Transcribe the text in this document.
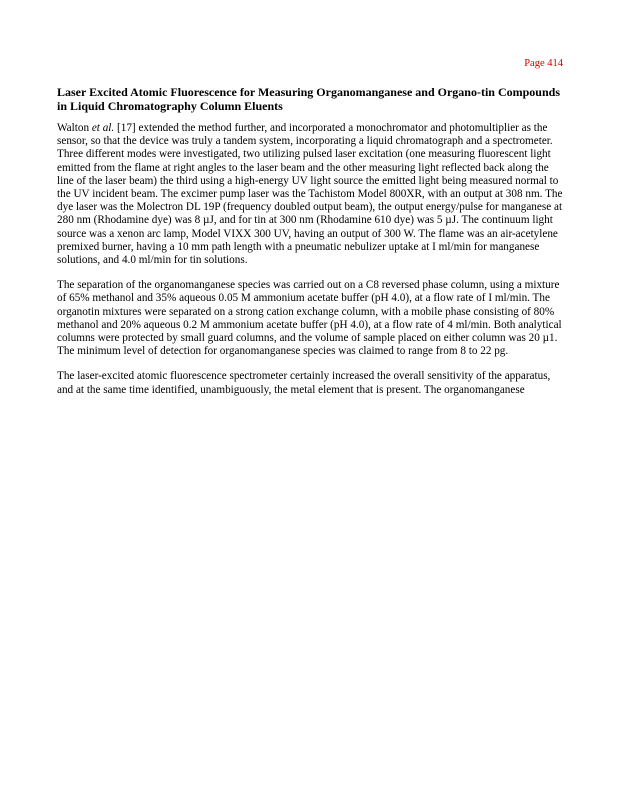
Page 414

Laser Excited Atomic Fluorescence for Measuring Organomanganese and Organo-tin Compounds in Liquid Chromatography Column Eluents

Walton et al. [17] extended the method further, and incorporated a monochromator and photomultiplier as the sensor, so that the device was truly a tandem system, incorporating a liquid chromatograph and a spectrometer. Three different modes were investigated, two utilizing pulsed laser excitation (one measuring fluorescent light emitted from the flame at right angles to the laser beam and the other measuring light reflected back along the line of the laser beam) the third using a high-energy UV light source the emitted light being measured normal to the UV incident beam. The excimer pump laser was the Tachistom Model 800XR, with an output at 308 nm. The dye laser was the Molectron DL 19P (frequency doubled output beam), the output energy/pulse for manganese at 280 nm (Rhodamine dye) was 8 µJ, and for tin at 300 nm (Rhodamine 610 dye) was 5 µJ. The continuum light source was a xenon arc lamp, Model VIXX 300 UV, having an output of 300 W. The flame was an air-acetylene premixed burner, having a 10 mm path length with a pneumatic nebulizer uptake at I ml/min for manganese solutions, and 4.0 ml/min for tin solutions.

The separation of the organomanganese species was carried out on a C8 reversed phase column, using a mixture of 65% methanol and 35% aqueous 0.05 M ammonium acetate buffer (pH 4.0), at a flow rate of I ml/min. The organotin mixtures were separated on a strong cation exchange column, with a mobile phase consisting of 80% methanol and 20% aqueous 0.2 M ammonium acetate buffer (pH 4.0), at a flow rate of 4 ml/min. Both analytical columns were protected by small guard columns, and the volume of sample placed on either column was 20 µ1. The minimum level of detection for organomanganese species was claimed to range from 8 to 22 pg.

The laser-excited atomic fluorescence spectrometer certainly increased the overall sensitivity of the apparatus, and at the same time identified, unambiguously, the metal element that is present. The organomanganese
